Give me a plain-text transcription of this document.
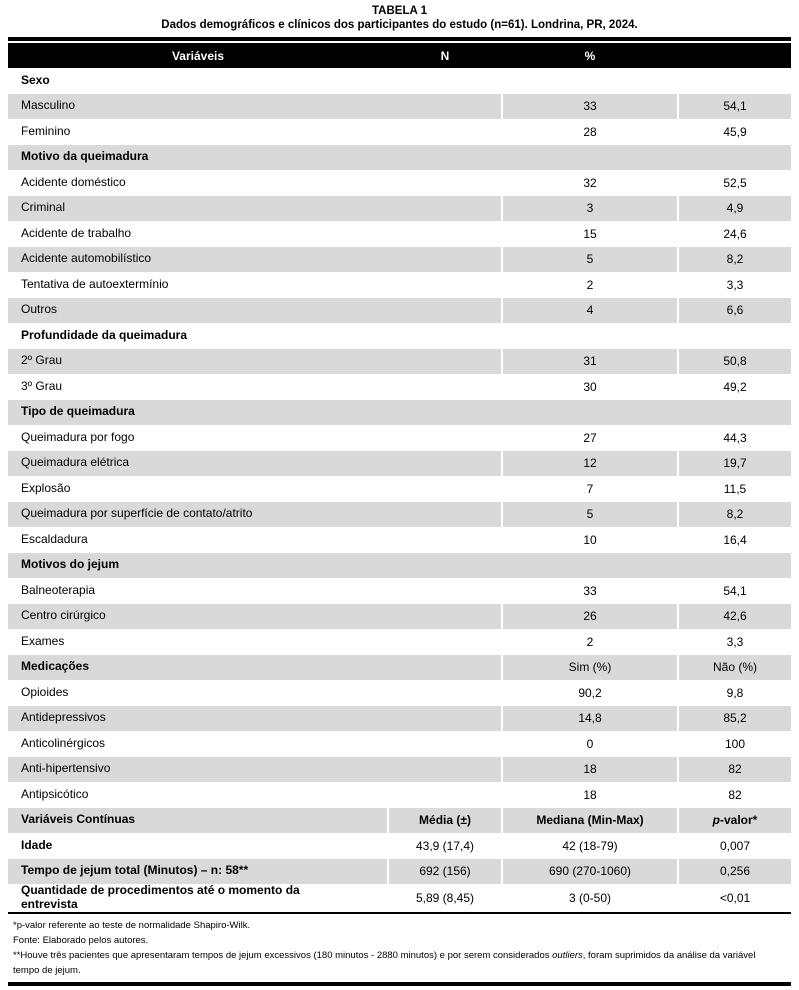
TABELA 1
Dados demográficos e clínicos dos participantes do estudo (n=61). Londrina, PR, 2024.
Variáveis	N	%	
Sexo			
Masculino		33	54,1
Feminino		28	45,9
Motivo da queimadura			
Acidente doméstico		32	52,5
Criminal		3	4,9
Acidente de trabalho		15	24,6
Acidente automobilístico		5	8,2
Tentativa de autoextermínio		2	3,3
Outros		4	6,6
Profundidade da queimadura			
2º Grau		31	50,8
3º Grau		30	49,2
Tipo de queimadura			
Queimadura por fogo		27	44,3
Queimadura elétrica		12	19,7
Explosão		7	11,5
Queimadura por superfície de contato/atrito		5	8,2
Escaldadura		10	16,4
Motivos do jejum			
Balneoterapia		33	54,1
Centro cirúrgico		26	42,6
Exames		2	3,3
Medicações		Sim (%)	Não (%)
Opioides		90,2	9,8
Antidepressivos		14,8	85,2
Anticolinérgicos		0	100
Anti-hipertensivo		18	82
Antipsicótico		18	82
Variáveis Contínuas	Média (±)	Mediana (Min-Max)	p-valor*
Idade	43,9 (17,4)	42 (18-79)	0,007
Tempo de jejum total (Minutos) – n: 58**	692 (156)	690 (270-1060)	0,256
Quantidade de procedimentos até o momento da entrevista	5,89 (8,45)	3 (0-50)	<0,01

*p-valor referente ao teste de normalidade Shapiro-Wilk.

Fonte: Elaborado pelos autores.

**Houve três pacientes que apresentaram tempos de jejum excessivos (180 minutos - 2880 minutos) e por serem considerados outliers, foram suprimidos da análise da variável tempo de jejum.
